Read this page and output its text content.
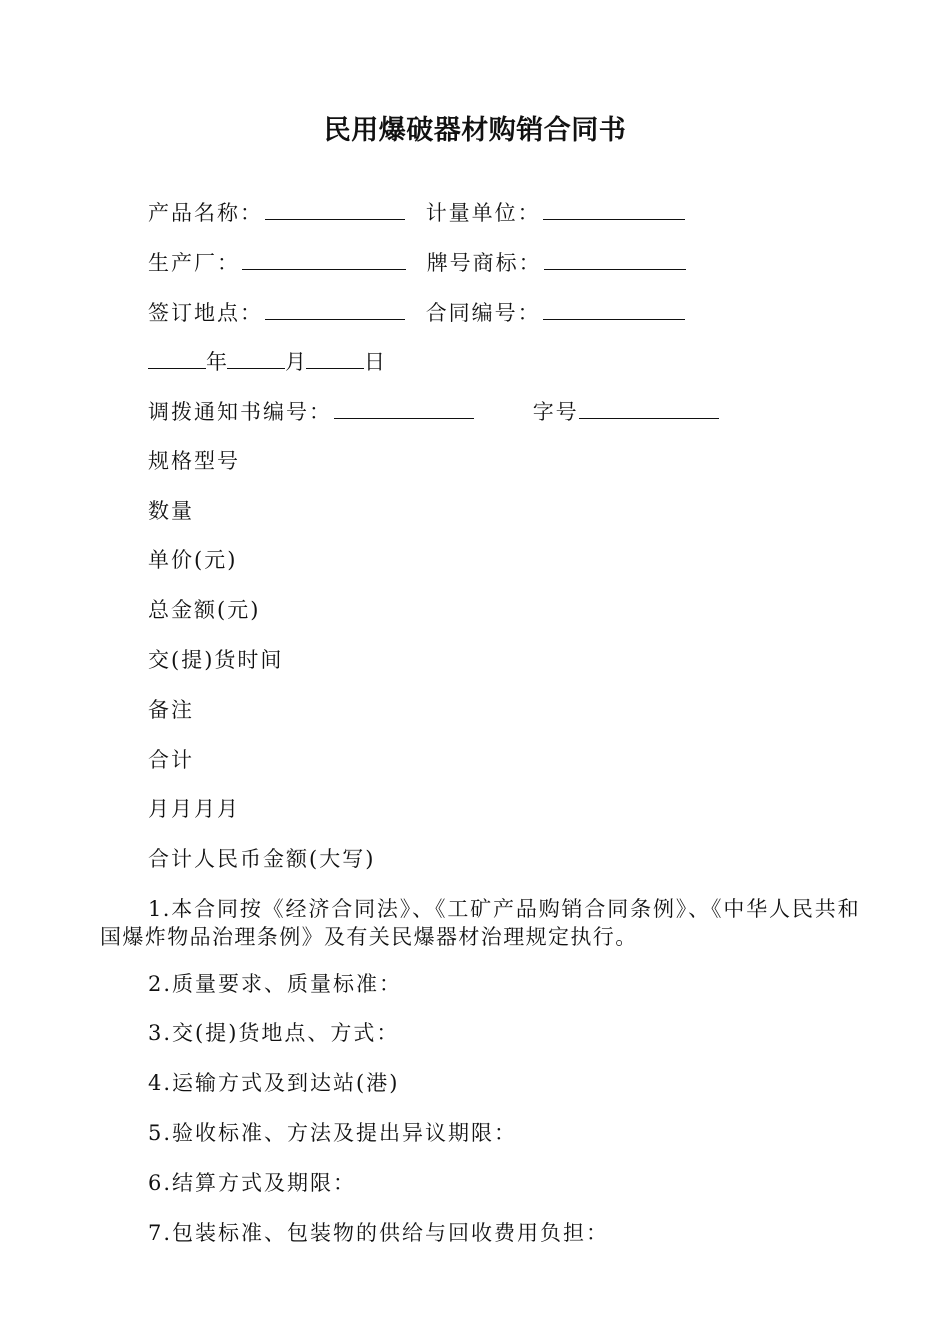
民用爆破器材购销合同书
产品名称：	计量单位：
生产厂：	牌号商标：
签订地点：	合同编号：
年	月	日
调拨通知书编号：	字号
规格型号
数量
单价(元)
总金额(元)
交(提)货时间
备注
合计
月月月月
合计人民币金额(大写)
1.本合同按《经济合同法》、《工矿产品购销合同条例》、《中华人民共和国爆炸物品治理条例》及有关民爆器材治理规定执行。
2.质量要求、质量标准：
3.交(提)货地点、方式：
4.运输方式及到达站(港)
5.验收标准、方法及提出异议期限：
6.结算方式及期限：
7.包装标准、包装物的供给与回收费用负担：
